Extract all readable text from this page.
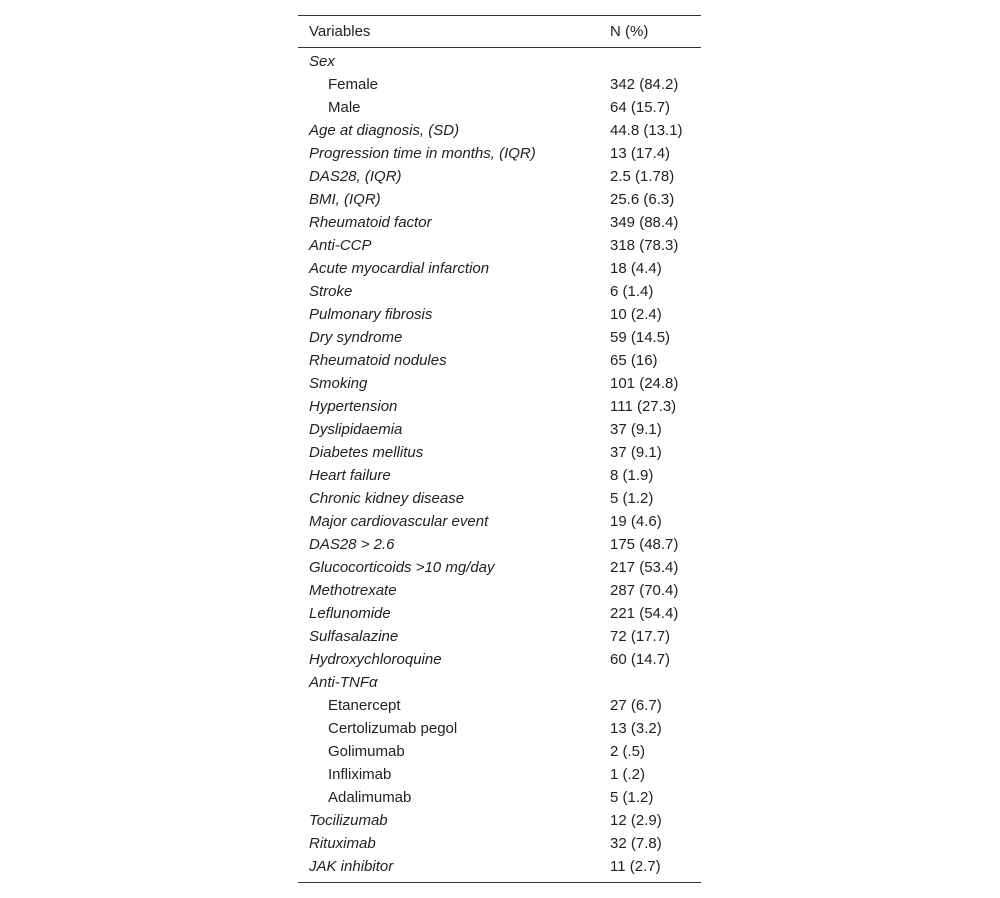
Variables	N (%)
Sex	
Female	342 (84.2)
Male	64 (15.7)
Age at diagnosis, (SD)	44.8 (13.1)
Progression time in months, (IQR)	13 (17.4)
DAS28, (IQR)	2.5 (1.78)
BMI, (IQR)	25.6 (6.3)
Rheumatoid factor	349 (88.4)
Anti-CCP	318 (78.3)
Acute myocardial infarction	18 (4.4)
Stroke	6 (1.4)
Pulmonary fibrosis	10 (2.4)
Dry syndrome	59 (14.5)
Rheumatoid nodules	65 (16)
Smoking	101 (24.8)
Hypertension	111 (27.3)
Dyslipidaemia	37 (9.1)
Diabetes mellitus	37 (9.1)
Heart failure	8 (1.9)
Chronic kidney disease	5 (1.2)
Major cardiovascular event	19 (4.6)
DAS28 > 2.6	175 (48.7)
Glucocorticoids >10 mg/day	217 (53.4)
Methotrexate	287 (70.4)
Leflunomide	221 (54.4)
Sulfasalazine	72 (17.7)
Hydroxychloroquine	60 (14.7)
Anti-TNFα	
Etanercept	27 (6.7)
Certolizumab pegol	13 (3.2)
Golimumab	2 (.5)
Infliximab	1 (.2)
Adalimumab	5 (1.2)
Tocilizumab	12 (2.9)
Rituximab	32 (7.8)
JAK inhibitor	11 (2.7)
